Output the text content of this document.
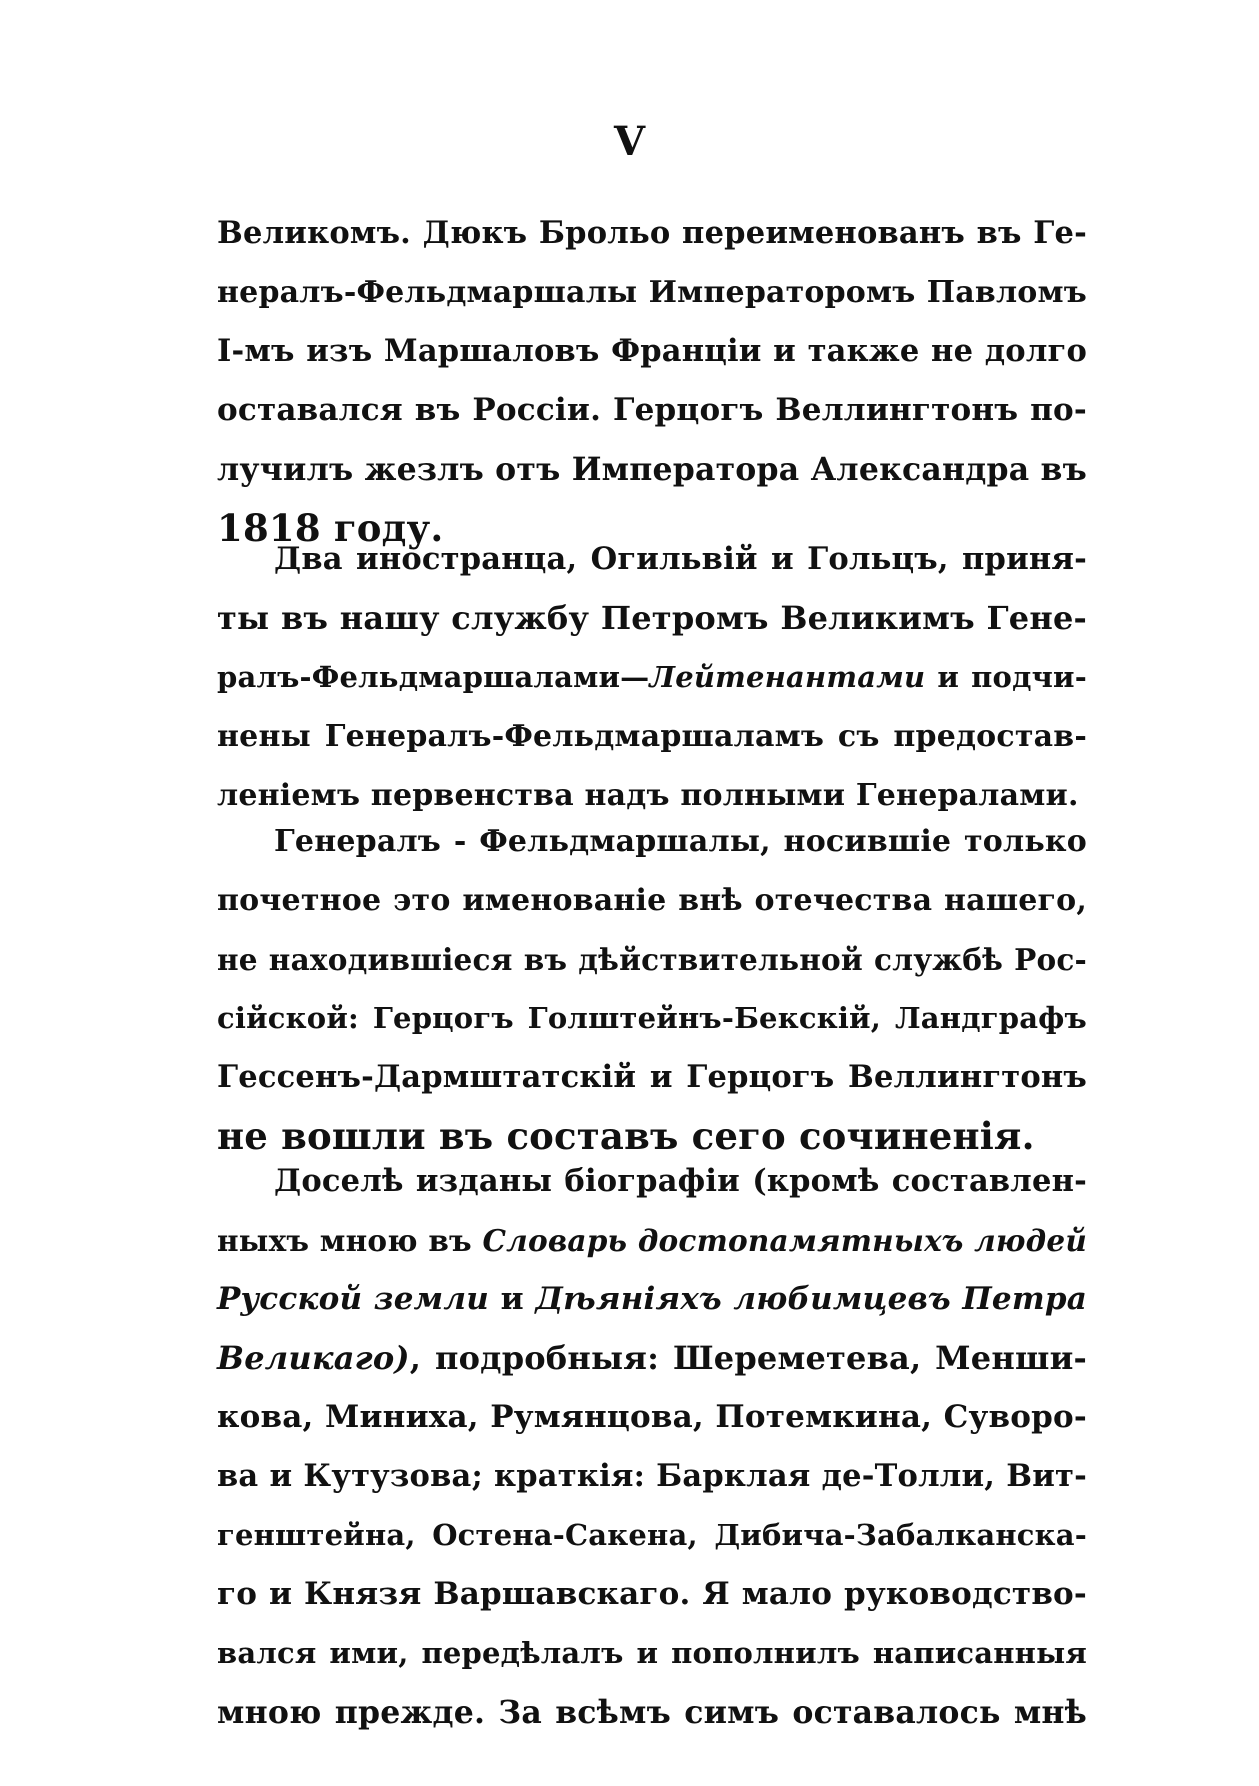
V
Великомъ. Дюкъ Брольо переименованъ въ Ге-
нералъ-Фельдмаршалы Императоромъ Павломъ
I-мъ изъ Маршаловъ Франціи и также не долго
оставался въ Россіи. Герцогъ Веллингтонъ по-
лучилъ жезлъ отъ Императора Александра въ
1818 году.
Два иностранца, Огильвій и Гольцъ, приня-
ты въ нашу службу Петромъ Великимъ Гене-
ралъ-Фельдмаршалами—Лейтенантами и подчи-
нены Генералъ-Фельдмаршаламъ съ предостав-
леніемъ первенства надъ полными Генералами.
Генералъ - Фельдмаршалы, носившіе только
почетное это именованіе внѣ отечества нашего,
не находившіеся въ дѣйствительной службѣ Рос-
сійской: Герцогъ Голштейнъ-Бекскій, Ландграфъ
Гессенъ-Дармштатскій и Герцогъ Веллингтонъ
не вошли въ составъ сего сочиненія.
Доселѣ изданы біографіи (кромѣ составлен-
ныхъ мною въ Словарь достопамятныхъ людей
Русской земли и Дѣяніяхъ любимцевъ Петра
Великаго), подробныя: Шереметева, Менши-
кова, Миниха, Румянцова, Потемкина, Суворо-
ва и Кутузова; краткія: Барклая де-Толли, Вит-
генштейна, Остена-Сакена, Дибича-Забалканска-
го и Князя Варшавскаго. Я мало руководство-
вался ими, передѣлалъ и пополнилъ написанныя
мною прежде. За всѣмъ симъ оставалось мнѣ
